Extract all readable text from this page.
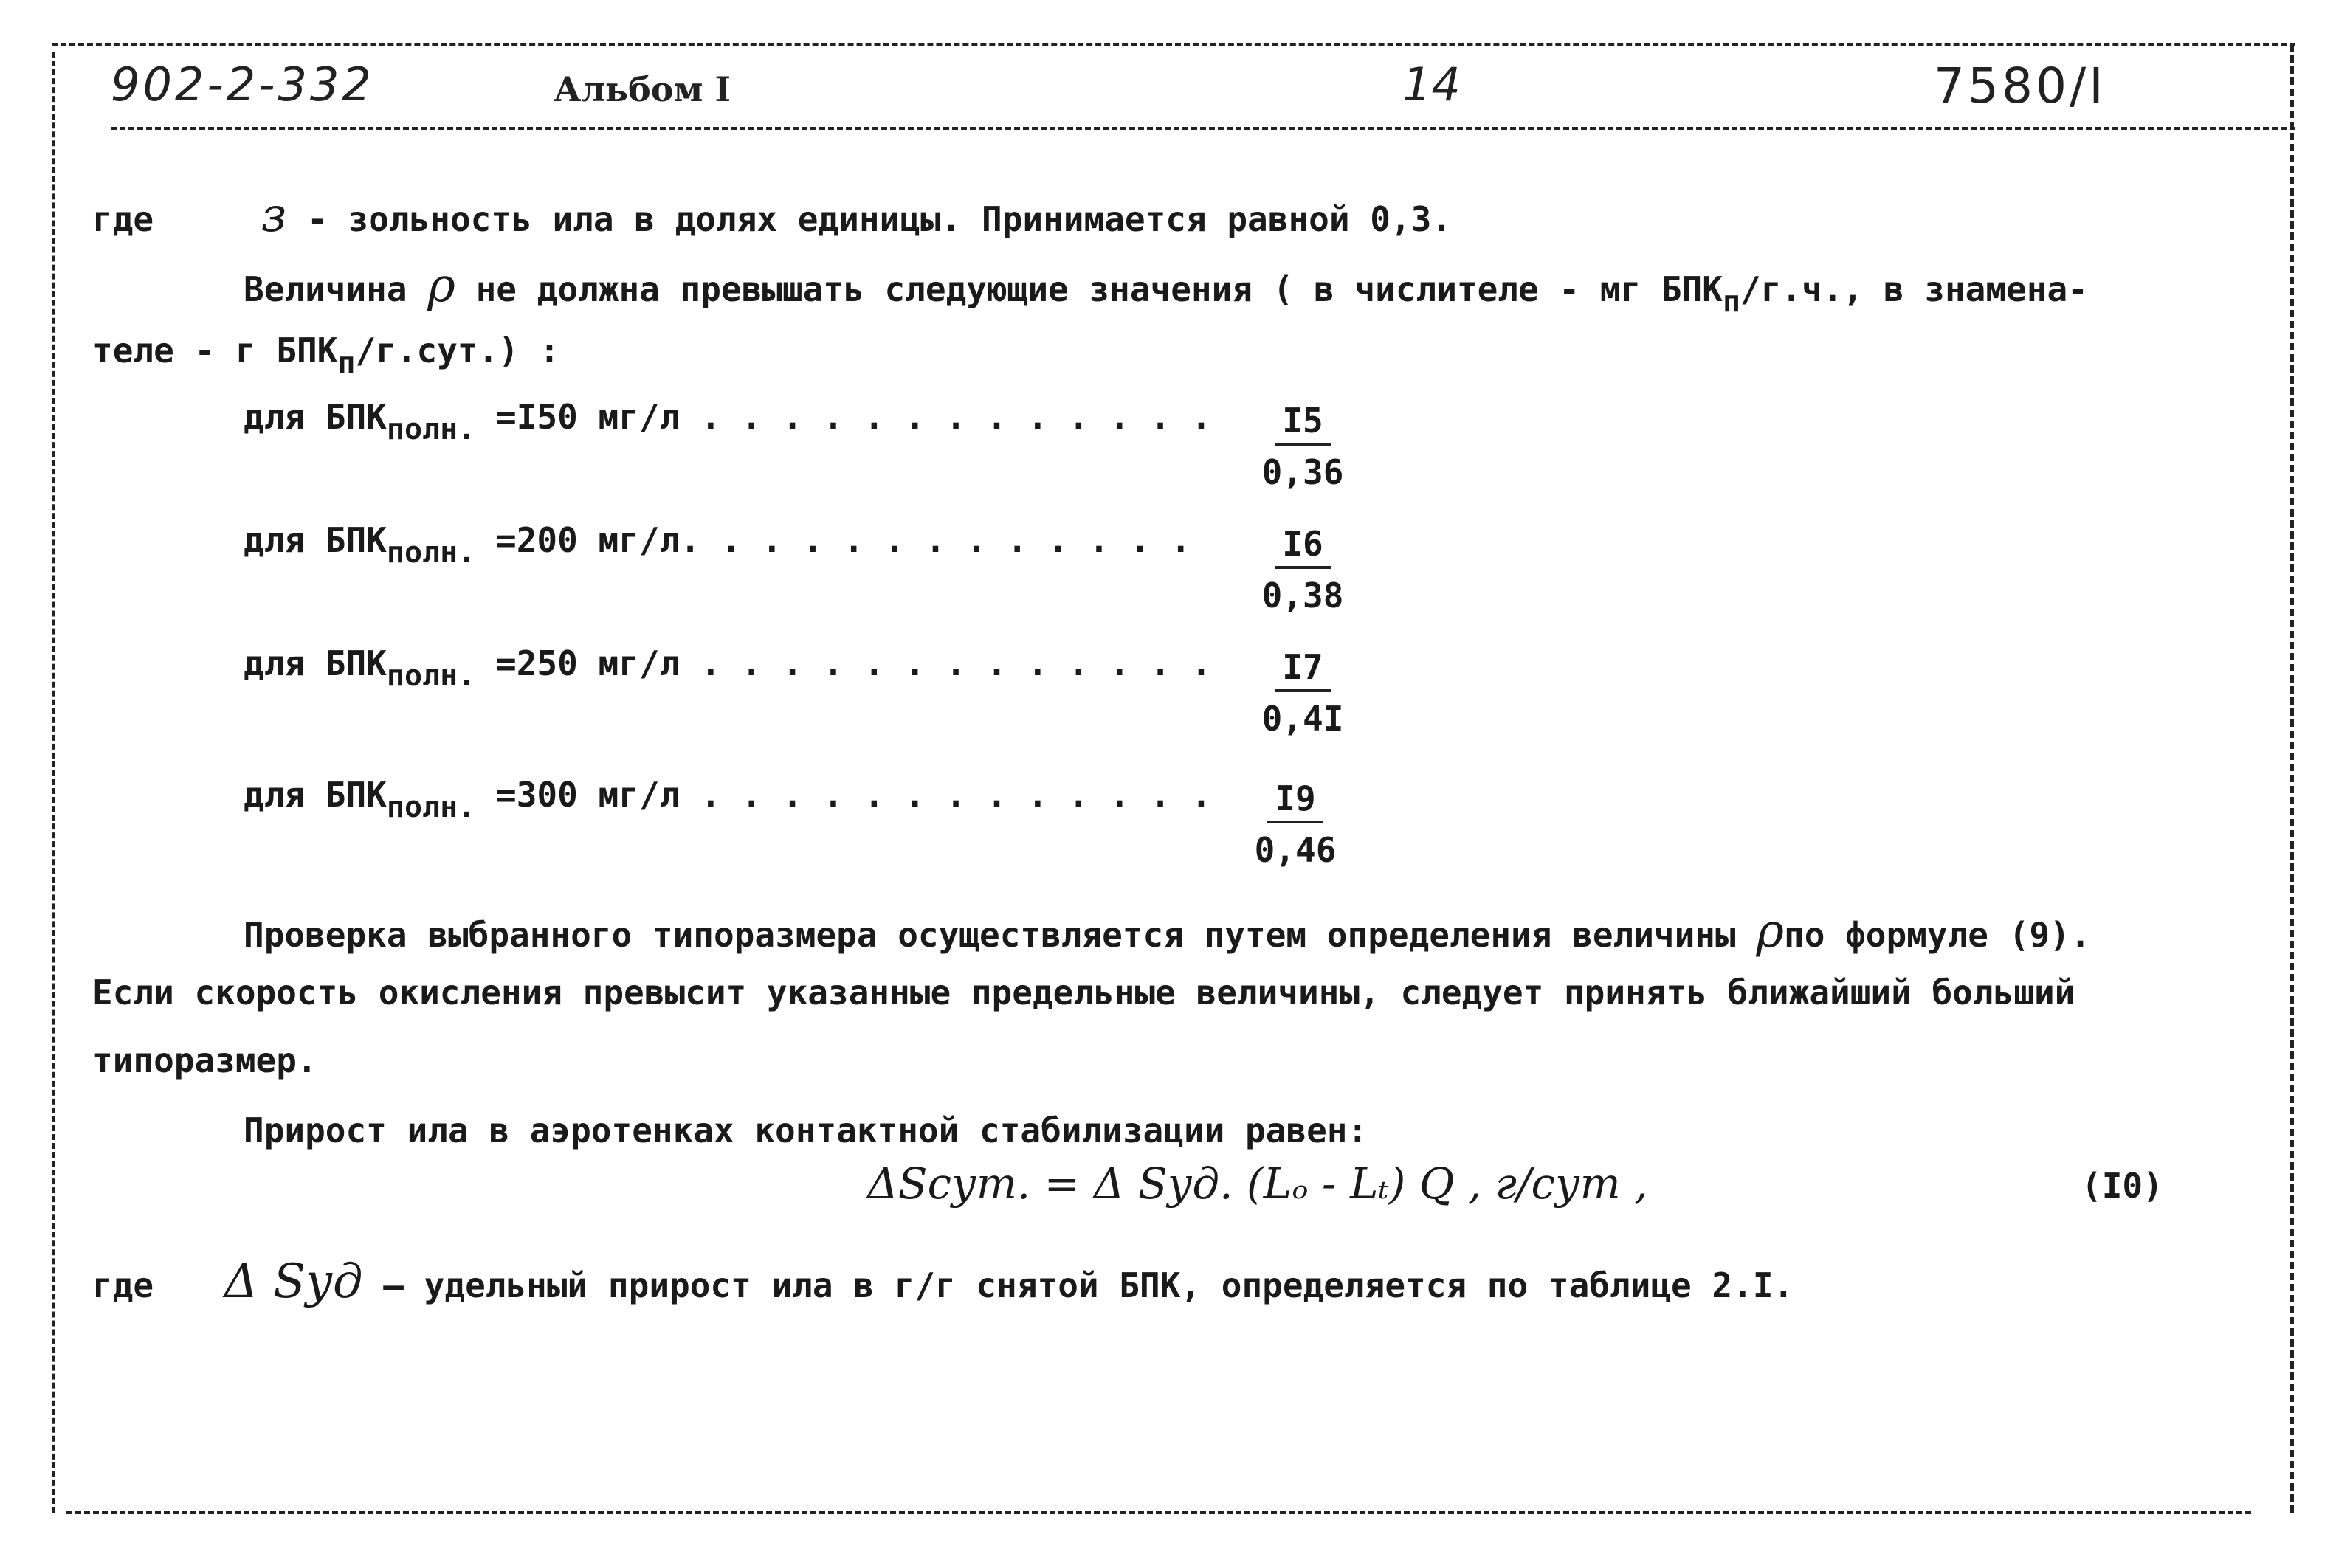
902-2-332	Альбом I	14	7580/I
где з - зольность ила в долях единицы. Принимается равной 0,3.
Величина ρ не должна превышать следующие значения ( в числителе - мг $БПК_п/г.ч$., в знамена-
теле - г $БПК_п/г.сут$.) :
для $БПК_{полн.} =I50$ мг/л . . . . . . . . . . . . . $\frac{I5}{0,36}$
для $БПК_{полн.} =200$ мг/л. . . . . . . . . . . . . $\frac{I6}{0,38}$
для $БПК_{полн.} =250$ мг/л . . . . . . . . . . . . . $\frac{I7}{0,4I}$
для $БПК_{полн.} =300$ мг/л . . . . . . . . . . . . . $\frac{I9}{0,46}$
Проверка выбранного типоразмера осуществляется путем определения величины ρпо формуле (9).
Если скорость окисления превысит указанные предельные величины, следует принять ближайший больший
типоразмер.
Прирост ила в аэротенках контактной стабилизации равен:
ΔSсут. = Δ Sуд. (Lₒ - Lₜ) Q , г/сут ,	(I0)
где Δ Sуд – удельный прирост ила в г/г снятой БПК, определяется по таблице 2.I.
